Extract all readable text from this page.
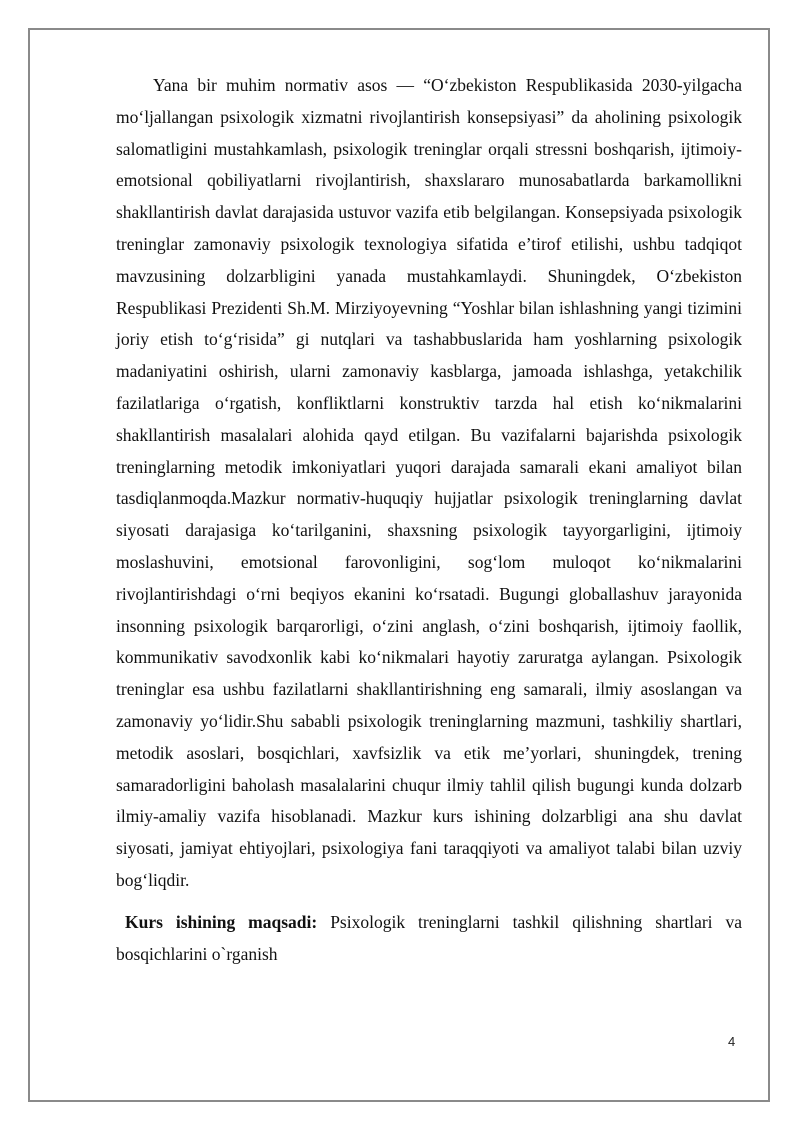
Yana bir muhim normativ asos — “O‘zbekiston Respublikasida 2030-yilgacha mo‘ljallangan psixologik xizmatni rivojlantirish konsepsiyasi” da aholining psixologik salomatligini mustahkamlash, psixologik treninglar orqali stressni boshqarish, ijtimoiy-emotsional qobiliyatlarni rivojlantirish, shaxslararo munosabatlarda barkamollikni shakllantirish davlat darajasida ustuvor vazifa etib belgilangan. Konsepsiyada psixologik treninglar zamonaviy psixologik texnologiya sifatida e’tirof etilishi, ushbu tadqiqot mavzusining dolzarbligini yanada mustahkamlaydi. Shuningdek, O‘zbekiston Respublikasi Prezidenti Sh.M. Mirziyoyevning “Yoshlar bilan ishlashning yangi tizimini joriy etish to‘g‘risida” gi nutqlari va tashabbuslarida ham yoshlarning psixologik madaniyatini oshirish, ularni zamonaviy kasblarga, jamoada ishlashga, yetakchilik fazilatlariga o‘rgatish, konfliktlarni konstruktiv tarzda hal etish ko‘nikmalarini shakllantirish masalalari alohida qayd etilgan. Bu vazifalarni bajarishda psixologik treninglarning metodik imkoniyatlari yuqori darajada samarali ekani amaliyot bilan tasdiqlanmoqda.Mazkur normativ-huquqiy hujjatlar psixologik treninglarning davlat siyosati darajasiga ko‘tarilganini, shaxsning psixologik tayyorgarligini, ijtimoiy moslashuvini, emotsional farovonligini, sog‘lom muloqot ko‘nikmalarini rivojlantirishdagi o‘rni beqiyos ekanini ko‘rsatadi. Bugungi globallashuv jarayonida insonning psixologik barqarorligi, o‘zini anglash, o‘zini boshqarish, ijtimoiy faollik, kommunikativ savodxonlik kabi ko‘nikmalari hayotiy zaruratga aylangan. Psixologik treninglar esa ushbu fazilatlarni shakllantirishning eng samarali, ilmiy asoslangan va zamonaviy yo‘lidir.Shu sababli psixologik treninglarning mazmuni, tashkiliy shartlari, metodik asoslari, bosqichlari, xavfsizlik va etik me’yorlari, shuningdek, trening samaradorligini baholash masalalarini chuqur ilmiy tahlil qilish bugungi kunda dolzarb ilmiy-amaliy vazifa hisoblanadi. Mazkur kurs ishining dolzarbligi ana shu davlat siyosati, jamiyat ehtiyojlari, psixologiya fani taraqqiyoti va amaliyot talabi bilan uzviy bog‘liqdir.

Kurs ishining maqsadi: Psixologik treninglarni tashkil qilishning shartlari va bosqichlarini o`rganish

4
